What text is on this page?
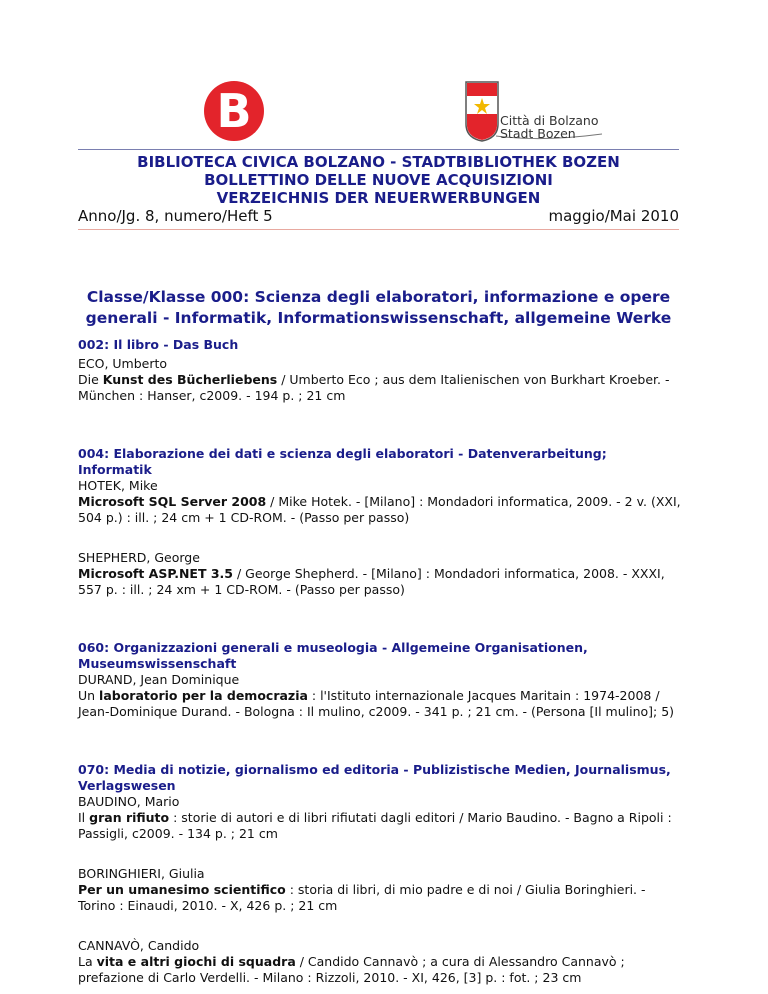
B	Città di Bolzano
Stadt Bozen
BIBLIOTECA CIVICA BOLZANO - STADTBIBLIOTHEK BOZEN
BOLLETTINO DELLE NUOVE ACQUISIZIONI
VERZEICHNIS DER NEUERWERBUNGEN
Anno/Jg. 8, numero/Heft 5	maggio/Mai 2010
Classe/Klasse 000: Scienza degli elaboratori, informazione e opere
generali - Informatik, Informationswissenschaft, allgemeine Werke
002: Il libro - Das Buch
ECO, Umberto
Die Kunst des Bücherliebens / Umberto Eco ; aus dem Italienischen von Burkhart Kroeber. - München : Hanser, c2009. - 194 p. ; 21 cm
004: Elaborazione dei dati e scienza degli elaboratori - Datenverarbeitung; Informatik
HOTEK, Mike
Microsoft SQL Server 2008 / Mike Hotek. - [Milano] : Mondadori informatica, 2009. - 2 v. (XXI, 504 p.) : ill. ; 24 cm + 1 CD-ROM. - (Passo per passo)
SHEPHERD, George
Microsoft ASP.NET 3.5 / George Shepherd. - [Milano] : Mondadori informatica, 2008. - XXXI, 557 p. : ill. ; 24 xm + 1 CD-ROM. - (Passo per passo)
060: Organizzazioni generali e museologia - Allgemeine Organisationen, Museumswissenschaft
DURAND, Jean Dominique
Un laboratorio per la democrazia : l'Istituto internazionale Jacques Maritain : 1974-2008 / Jean-Dominique Durand. - Bologna : Il mulino, c2009. - 341 p. ; 21 cm. - (Persona [Il mulino]; 5)
070: Media di notizie, giornalismo ed editoria - Publizistische Medien, Journalismus, Verlagswesen
BAUDINO, Mario
Il gran rifiuto : storie di autori e di libri rifiutati dagli editori / Mario Baudino. - Bagno a Ripoli : Passigli, c2009. - 134 p. ; 21 cm
BORINGHIERI, Giulia
Per un umanesimo scientifico : storia di libri, di mio padre e di noi / Giulia Boringhieri. - Torino : Einaudi, 2010. - X, 426 p. ; 21 cm
CANNAVÒ, Candido
La vita e altri giochi di squadra / Candido Cannavò ; a cura di Alessandro Cannavò ; prefazione di Carlo Verdelli. - Milano : Rizzoli, 2010. - XI, 426, [3] p. : fot. ; 23 cm
